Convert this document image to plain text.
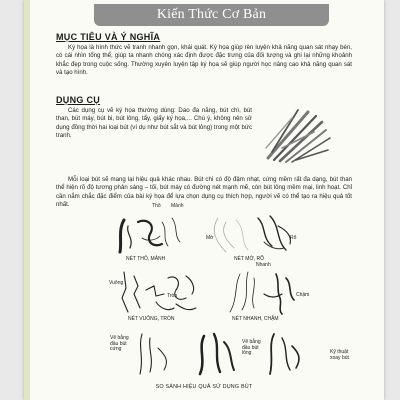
Kiến Thức Cơ Bản
MỤC TIÊU VÀ Ý NGHĨA
Ký họa là hình thức vẽ tranh nhanh gọn, khái quát. Ký họa giúp rèn luyện khả năng quan sát nhạy bén, có cái nhìn tổng thể, giúp ta nhanh chóng xác định được đặc trưng của đối tượng và ghi lại những khoảnh khắc đẹp trong cuộc sống. Thường xuyên luyện tập ký họa sẽ giúp người học nâng cao khả năng quan sát và tạo hình.
DỤNG CỤ
Các dụng cụ vẽ ký họa thường dùng: Dao đa năng, bút chì, bút than, bút máy, bút bi, bút lông, tẩy, giấy ký họa,... Chú ý, không nên sử dụng đồng thời hai loại bút (ví dụ như bút sắt và bút lông) trong một bức tranh.
Mỗi loại bút sẽ mang lại hiệu quả khác nhau. Bút chì có độ đậm nhạt, cứng mềm rất đa dạng, bút than thể hiện rõ độ tương phản sáng – tối, bút máy có đường nét mạnh mẽ, còn bút lông mềm mại, linh hoạt. Chỉ cần nắm chắc đặc điểm của bài ký họa để lựa chọn dụng cụ thích hợp, người vẽ có thể tạo ra hiệu quả tốt nhất.	Thô Mảnh
NÉT THÔ, MẢNH
Mờ	Rõ
NÉT MỜ, RÕ
Vuông
Tròn
NÉT VUÔNG, TRÒN
Nhanh
Chậm
NÉT NHANH, CHẬM
Vẽ bằng đầu bút cứng
Vẽ bằng đầu bút lông	Kỹ thuật xoay bút
SO SÁNH HIỆU QUẢ SỬ DỤNG BÚT
